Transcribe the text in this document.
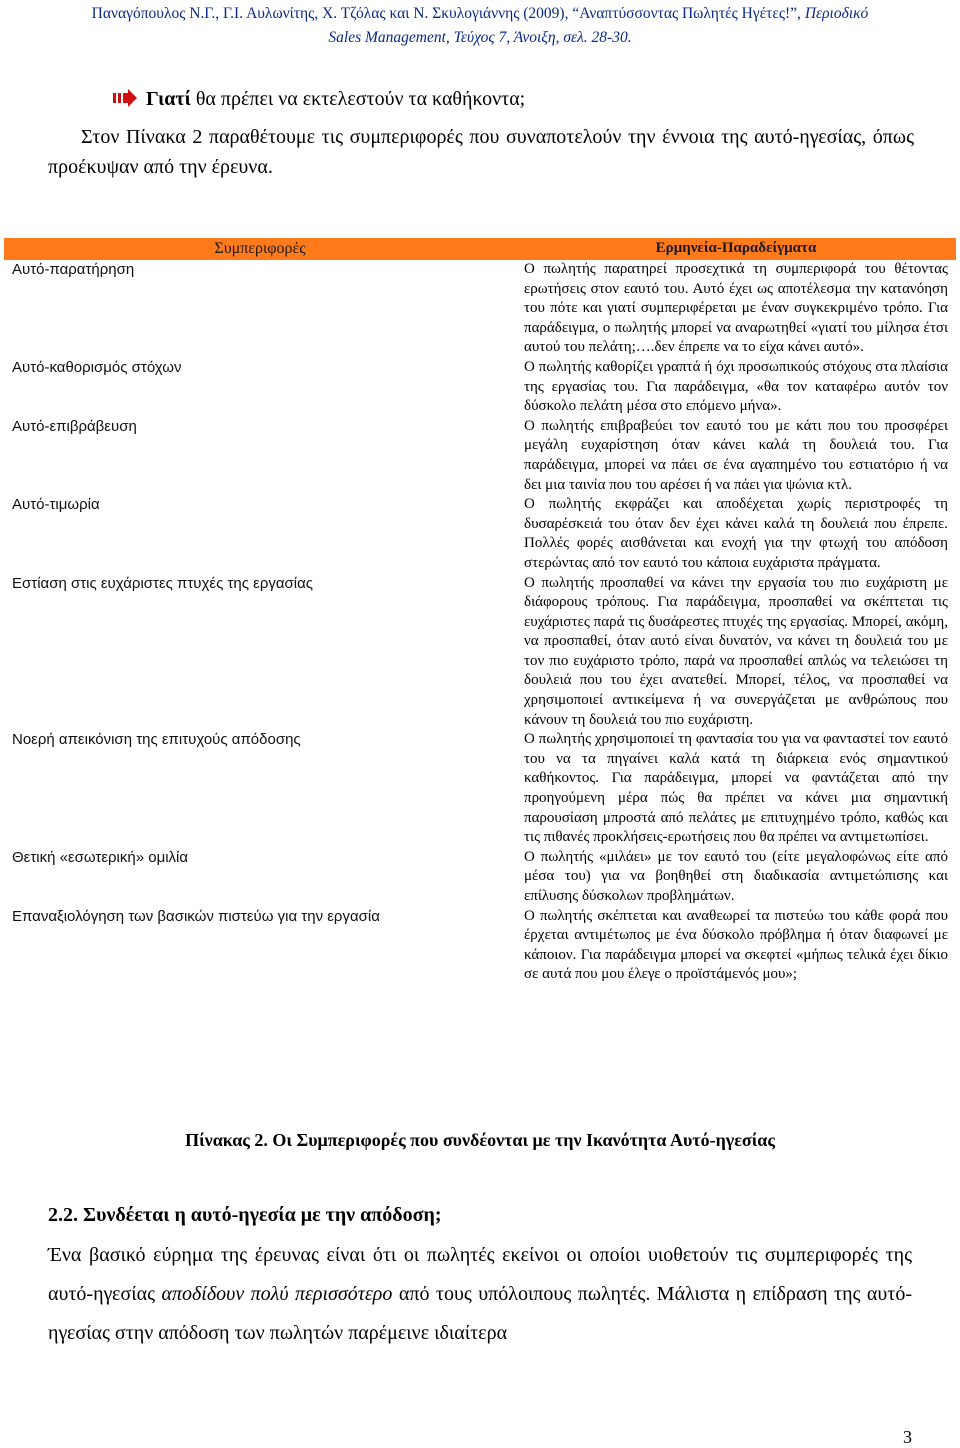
Παναγόπουλος Ν.Γ., Γ.Ι. Αυλωνίτης, Χ. Τζόλας και Ν. Σκυλογιάννης (2009), “Αναπτύσσοντας Πωλητές Ηγέτες!”, Περιοδικό
Sales Management, Τεύχος 7, Άνοιξη, σελ. 28-30.
Γιατί θα πρέπει να εκτελεστούν τα καθήκοντα;

Στον Πίνακα 2 παραθέτουμε τις συμπεριφορές που συναποτελούν την έννοια της αυτό-ηγεσίας, όπως προέκυψαν από την έρευνα.

Συμπεριφορές	Ερμηνεία-Παραδείγματα
Αυτό-παρατήρηση	Ο πωλητής παρατηρεί προσεχτικά τη συμπεριφορά του θέτοντας ερωτήσεις στον εαυτό του. Αυτό έχει ως αποτέλεσμα την κατανόηση του πότε και γιατί συμπεριφέρεται με έναν συγκεκριμένο τρόπο. Για παράδειγμα, ο πωλητής μπορεί να αναρωτηθεί «γιατί του μίλησα έτσι αυτού του πελάτη;….δεν έπρεπε να το είχα κάνει αυτό».
Αυτό-καθορισμός στόχων	Ο πωλητής καθορίζει γραπτά ή όχι προσωπικούς στόχους στα πλαίσια της εργασίας του. Για παράδειγμα, «θα τον καταφέρω αυτόν τον δύσκολο πελάτη μέσα στο επόμενο μήνα».
Αυτό-επιβράβευση	Ο πωλητής επιβραβεύει τον εαυτό του με κάτι που του προσφέρει μεγάλη ευχαρίστηση όταν κάνει καλά τη δουλειά του. Για παράδειγμα, μπορεί να πάει σε ένα αγαπημένο του εστιατόριο ή να δει μια ταινία που του αρέσει ή να πάει για ψώνια κτλ.
Αυτό-τιμωρία	Ο πωλητής εκφράζει και αποδέχεται χωρίς περιστροφές τη δυσαρέσκειά του όταν δεν έχει κάνει καλά τη δουλειά που έπρεπε. Πολλές φορές αισθάνεται και ενοχή για την φτωχή του απόδοση στερώντας από τον εαυτό του κάποια ευχάριστα πράγματα.
Εστίαση στις ευχάριστες πτυχές της εργασίας	Ο πωλητής προσπαθεί να κάνει την εργασία του πιο ευχάριστη με διάφορους τρόπους. Για παράδειγμα, προσπαθεί να σκέπτεται τις ευχάριστες παρά τις δυσάρεστες πτυχές της εργασίας. Μπορεί, ακόμη, να προσπαθεί, όταν αυτό είναι δυνατόν, να κάνει τη δουλειά του με τον πιο ευχάριστο τρόπο, παρά να προσπαθεί απλώς να τελειώσει τη δουλειά που του έχει ανατεθεί. Μπορεί, τέλος, να προσπαθεί να χρησιμοποιεί αντικείμενα ή να συνεργάζεται με ανθρώπους που κάνουν τη δουλειά του πιο ευχάριστη.
Νοερή απεικόνιση της επιτυχούς απόδοσης	Ο πωλητής χρησιμοποιεί τη φαντασία του για να φανταστεί τον εαυτό του να τα πηγαίνει καλά κατά τη διάρκεια ενός σημαντικού καθήκοντος. Για παράδειγμα, μπορεί να φαντάζεται από την προηγούμενη μέρα πώς θα πρέπει να κάνει μια σημαντική παρουσίαση μπροστά από πελάτες με επιτυχημένο τρόπο, καθώς και τις πιθανές προκλήσεις-ερωτήσεις που θα πρέπει να αντιμετωπίσει.
Θετική «εσωτερική» ομιλία	Ο πωλητής «μιλάει» με τον εαυτό του (είτε μεγαλοφώνως είτε από μέσα του) για να βοηθηθεί στη διαδικασία αντιμετώπισης και επίλυσης δύσκολων προβλημάτων.
Επαναξιολόγηση των βασικών πιστεύω για την εργασία	Ο πωλητής σκέπτεται και αναθεωρεί τα πιστεύω του κάθε φορά που έρχεται αντιμέτωπος με ένα δύσκολο πρόβλημα ή όταν διαφωνεί με κάποιον. Για παράδειγμα μπορεί να σκεφτεί «μήπως τελικά έχει δίκιο σε αυτά που μου έλεγε ο προϊστάμενός μου»;
Πίνακας 2. Οι Συμπεριφορές που συνδέονται με την Ικανότητα Αυτό-ηγεσίας
2.2. Συνδέεται η αυτό-ηγεσία με την απόδοση;
Ένα βασικό εύρημα της έρευνας είναι ότι οι πωλητές εκείνοι οι οποίοι υιοθετούν τις συμπεριφορές της αυτό-ηγεσίας αποδίδουν πολύ περισσότερο από τους υπόλοιπους πωλητές. Μάλιστα η επίδραση της αυτό-ηγεσίας στην απόδοση των πωλητών παρέμεινε ιδιαίτερα
3
